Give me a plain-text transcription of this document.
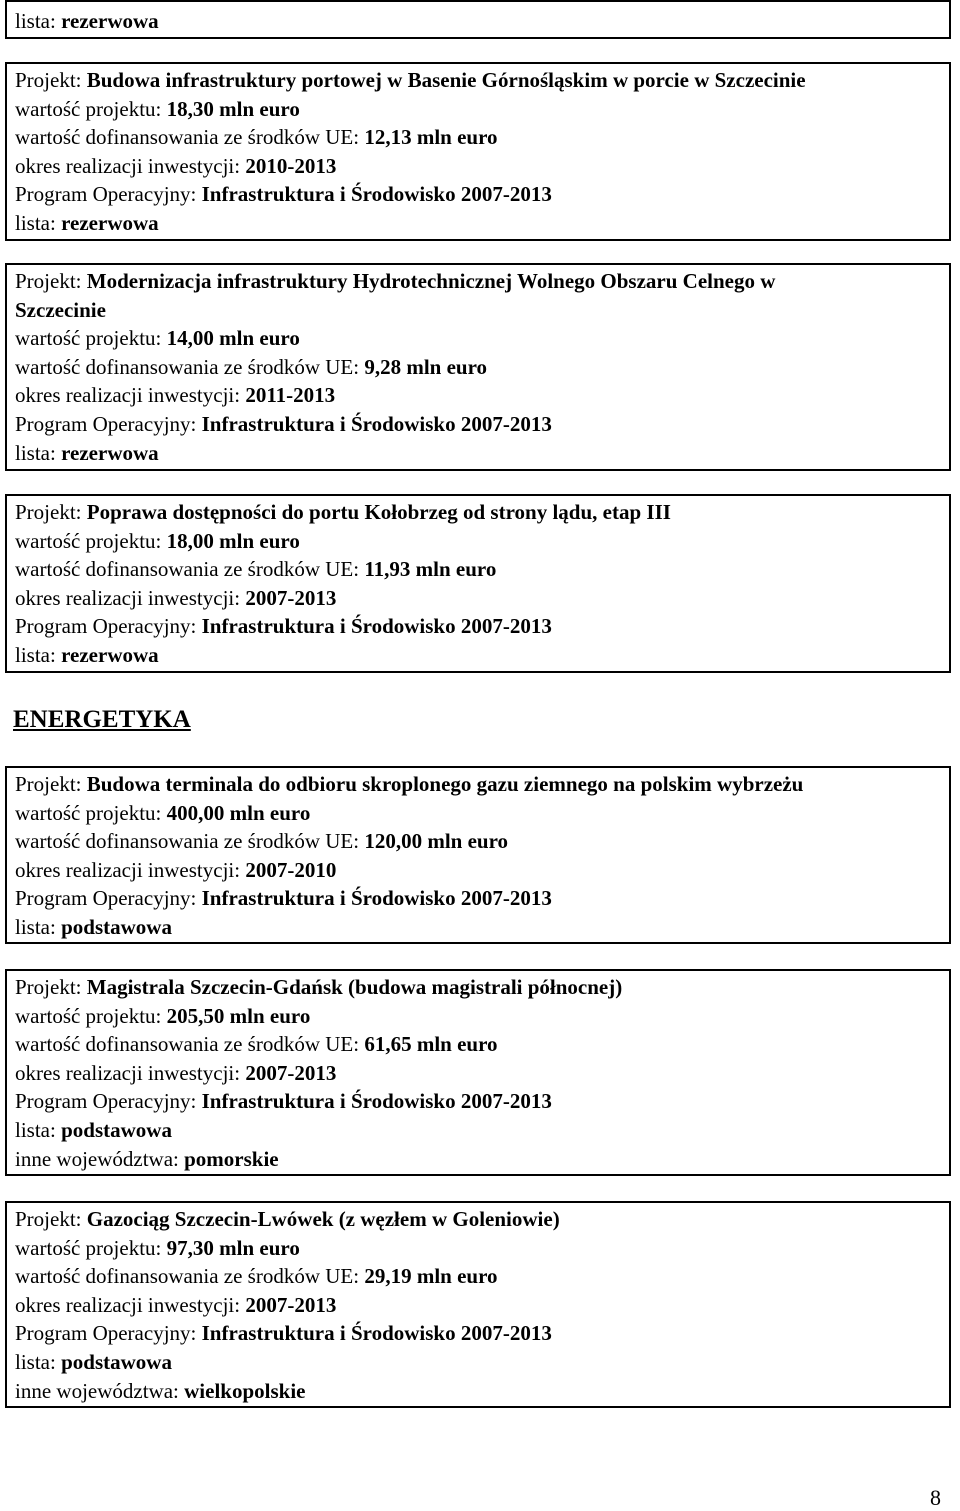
lista: rezerwowa
Projekt: Budowa infrastruktury portowej w Basenie Górnośląskim w porcie w Szczecinie
wartość projektu: 18,30 mln euro
wartość dofinansowania ze środków UE: 12,13 mln euro
okres realizacji inwestycji: 2010-2013
Program Operacyjny: Infrastruktura i Środowisko 2007-2013
lista: rezerwowa
Projekt: Modernizacja infrastruktury Hydrotechnicznej Wolnego Obszaru Celnego w
Szczecinie
wartość projektu: 14,00 mln euro
wartość dofinansowania ze środków UE: 9,28 mln euro
okres realizacji inwestycji: 2011-2013
Program Operacyjny: Infrastruktura i Środowisko 2007-2013
lista: rezerwowa
Projekt: Poprawa dostępności do portu Kołobrzeg od strony lądu, etap III
wartość projektu: 18,00 mln euro
wartość dofinansowania ze środków UE: 11,93 mln euro
okres realizacji inwestycji: 2007-2013
Program Operacyjny: Infrastruktura i Środowisko 2007-2013
lista: rezerwowa
ENERGETYKA
Projekt: Budowa terminala do odbioru skroplonego gazu ziemnego na polskim wybrzeżu
wartość projektu: 400,00 mln euro
wartość dofinansowania ze środków UE: 120,00 mln euro
okres realizacji inwestycji: 2007-2010
Program Operacyjny: Infrastruktura i Środowisko 2007-2013
lista: podstawowa
Projekt: Magistrala Szczecin-Gdańsk (budowa magistrali północnej)
wartość projektu: 205,50 mln euro
wartość dofinansowania ze środków UE: 61,65 mln euro
okres realizacji inwestycji: 2007-2013
Program Operacyjny: Infrastruktura i Środowisko 2007-2013
lista: podstawowa
inne województwa: pomorskie
Projekt: Gazociąg Szczecin-Lwówek (z węzłem w Goleniowie)
wartość projektu: 97,30 mln euro
wartość dofinansowania ze środków UE: 29,19 mln euro
okres realizacji inwestycji: 2007-2013
Program Operacyjny: Infrastruktura i Środowisko 2007-2013
lista: podstawowa
inne województwa: wielkopolskie
8
